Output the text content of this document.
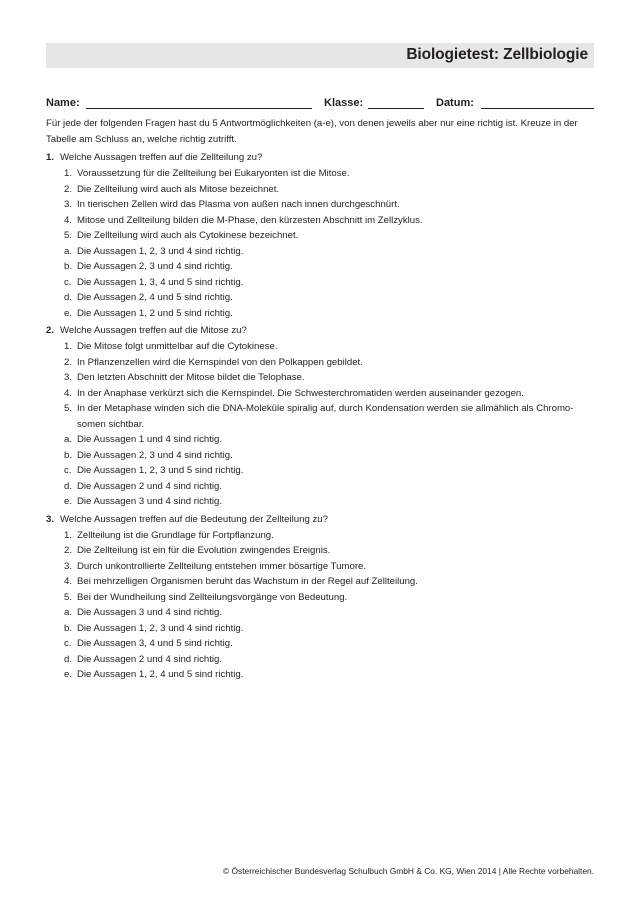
Biologietest: Zellbiologie
Name:	Klasse:	Datum:
Für jede der folgenden Fragen hast du 5 Antwortmöglichkeiten (a-e), von denen jeweils aber nur eine richtig ist. Kreuze in der Tabelle am Schluss an, welche richtig zutrifft.
1. Welche Aussagen treffen auf die Zellteilung zu?
1. Voraussetzung für die Zellteilung bei Eukaryonten ist die Mitose.
2. Die Zellteilung wird auch als Mitose bezeichnet.
3. In tierischen Zellen wird das Plasma von außen nach innen durchgeschnürt.
4. Mitose und Zellteilung bilden die M-Phase, den kürzesten Abschnitt im Zellzyklus.
5. Die Zellteilung wird auch als Cytokinese bezeichnet.
a. Die Aussagen 1, 2, 3 und 4 sind richtig.
b. Die Aussagen 2, 3 und 4 sind richtig.
c. Die Aussagen 1, 3, 4 und 5 sind richtig.
d. Die Aussagen 2, 4 und 5 sind richtig.
e. Die Aussagen 1, 2 und 5 sind richtig.
2. Welche Aussagen treffen auf die Mitose zu?
1. Die Mitose folgt unmittelbar auf die Cytokinese.
2. In Pflanzenzellen wird die Kernspindel von den Polkappen gebildet.
3. Den letzten Abschnitt der Mitose bildet die Telophase.
4. In der Anaphase verkürzt sich die Kernspindel. Die Schwesterchromatiden werden auseinander gezogen.
5. In der Metaphase winden sich die DNA-Moleküle spiralig auf, durch Kondensation werden sie allmählich als Chromo-somen sichtbar.
a. Die Aussagen 1 und 4 sind richtig.
b. Die Aussagen 2, 3 und 4 sind richtig.
c. Die Aussagen 1, 2, 3 und 5 sind richtig.
d. Die Aussagen 2 und 4 sind richtig.
e. Die Aussagen 3 und 4 sind richtig.
3. Welche Aussagen treffen auf die Bedeutung der Zellteilung zu?
1. Zellteilung ist die Grundlage für Fortpflanzung.
2. Die Zellteilung ist ein für die Evolution zwingendes Ereignis.
3. Durch unkontrollierte Zellteilung entstehen immer bösartige Tumore.
4. Bei mehrzelligen Organismen beruht das Wachstum in der Regel auf Zellteilung.
5. Bei der Wundheilung sind Zellteilungsvorgänge von Bedeutung.
a. Die Aussagen 3 und 4 sind richtig.
b. Die Aussagen 1, 2, 3 und 4 sind richtig.
c. Die Aussagen 3, 4 und 5 sind richtig.
d. Die Aussagen 2 und 4 sind richtig.
e. Die Aussagen 1, 2, 4 und 5 sind richtig.
© Österreichischer Bundesverlag Schulbuch GmbH & Co. KG, Wien 2014 | Alle Rechte vorbehalten.
